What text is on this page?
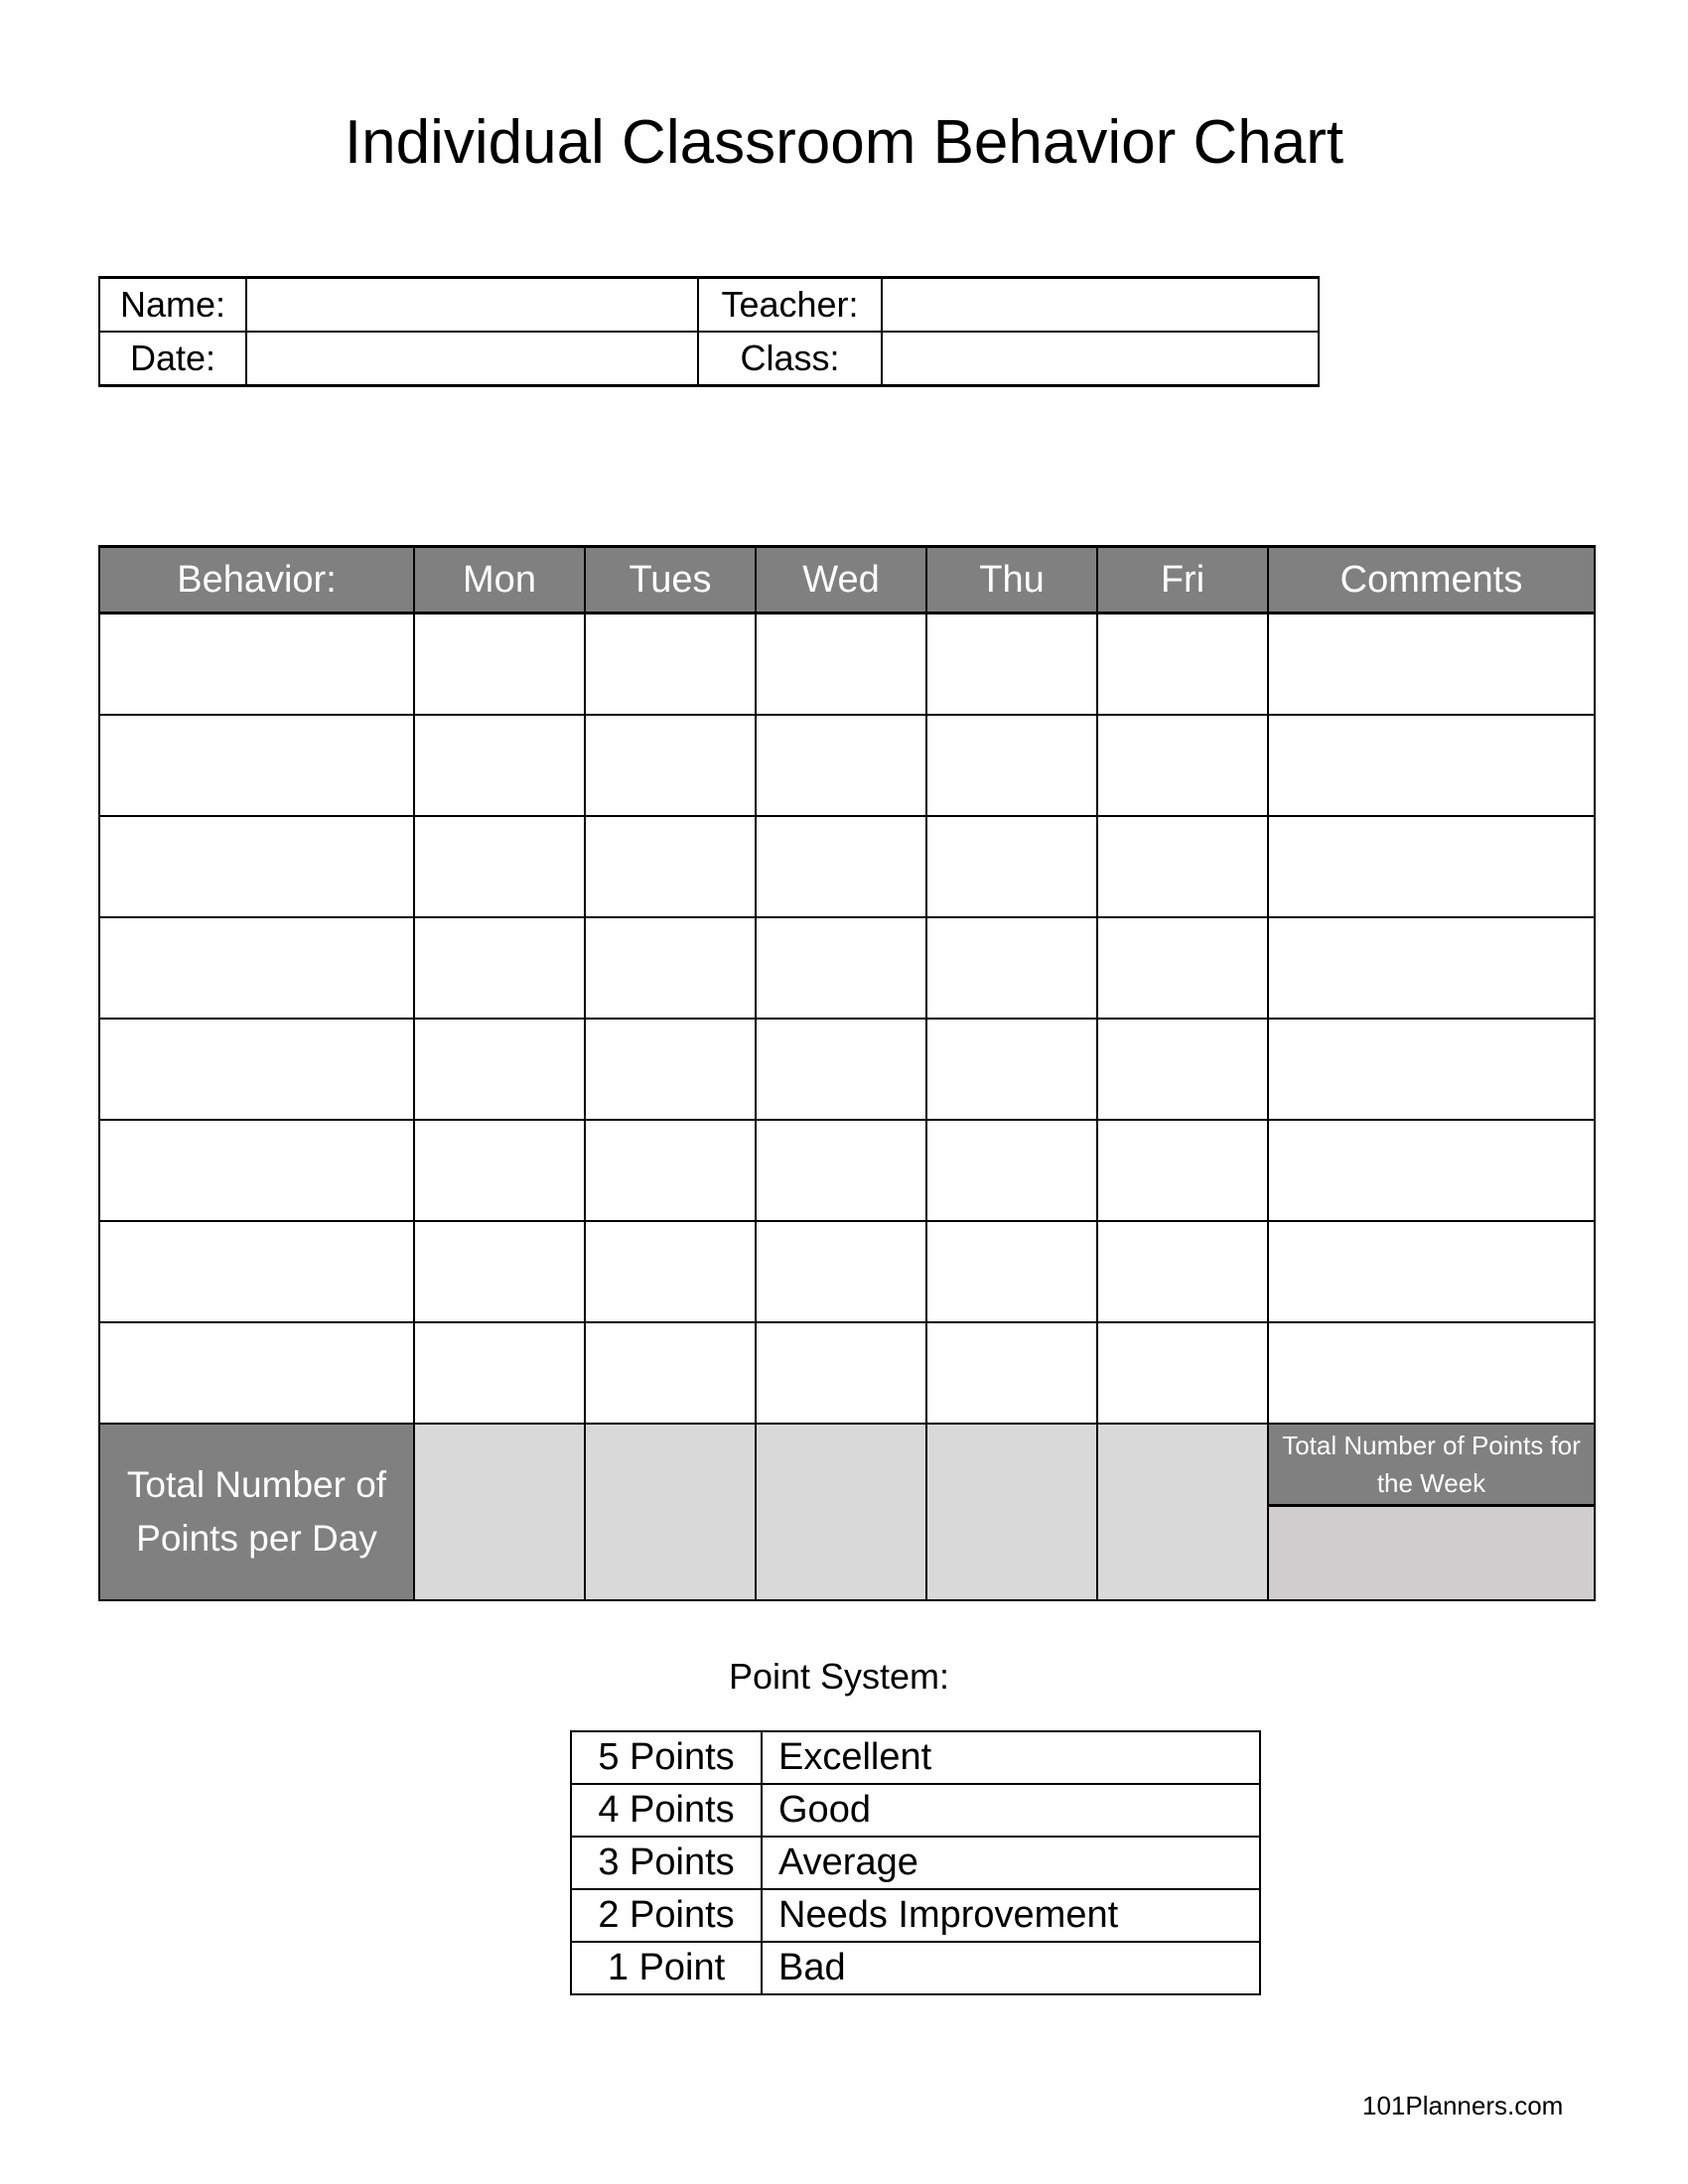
Individual Classroom Behavior Chart
Name:		Teacher:	
Date:		Class:	
Behavior:	Mon	Tues	Wed	Thu	Fri	Comments

Total Number of Points per Day						Total Number of Points for the Week
Point System:
5 Points	Excellent
4 Points	Good
3 Points	Average
2 Points	Needs Improvement
1 Point	Bad
101Planners.com
